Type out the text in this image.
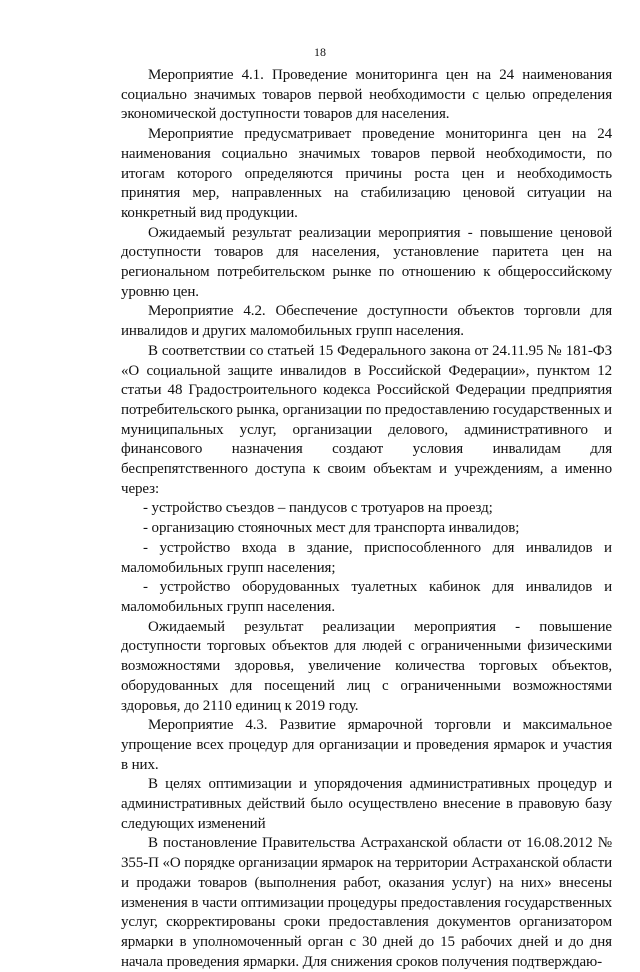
18

Мероприятие 4.1. Проведение мониторинга цен на 24 наименования социально значимых товаров первой необходимости с целью определения экономической доступности товаров для населения.

Мероприятие предусматривает проведение мониторинга цен на 24 наименования социально значимых товаров первой необходимости, по итогам которого определяются причины роста цен и необходимость принятия мер, направленных на стабилизацию ценовой ситуации на конкретный вид продукции.

Ожидаемый результат реализации мероприятия - повышение ценовой доступности товаров для населения, установление паритета цен на региональном потребительском рынке по отношению к общероссийскому уровню цен.

Мероприятие 4.2. Обеспечение доступности объектов торговли для инвалидов и других маломобильных групп населения.

В соответствии со статьей 15 Федерального закона от 24.11.95 № 181-ФЗ «О социальной защите инвалидов в Российской Федерации», пунктом 12 статьи 48 Градостроительного кодекса Российской Федерации предприятия потребительского рынка, организации по предоставлению государственных и муниципальных услуг, организации делового, административного и финансового назначения создают условия инвалидам для беспрепятственного доступа к своим объектам и учреждениям, а именно через:

- устройство съездов – пандусов с тротуаров на проезд;

- организацию стояночных мест для транспорта инвалидов;

- устройство входа в здание, приспособленного для инвалидов и маломобильных групп населения;

- устройство оборудованных туалетных кабинок для инвалидов и маломобильных групп населения.

Ожидаемый результат реализации мероприятия - повышение доступности торговых объектов для людей с ограниченными физическими возможностями здоровья, увеличение количества торговых объектов, оборудованных для посещений лиц с ограниченными возможностями здоровья, до 2110 единиц к 2019 году.

Мероприятие 4.3. Развитие ярмарочной торговли и максимальное упрощение всех процедур для организации и проведения ярмарок и участия в них.

В целях оптимизации и упорядочения административных процедур и административных действий было осуществлено внесение в правовую базу следующих изменений

В постановление Правительства Астраханской области от 16.08.2012 № 355-П «О порядке организации ярмарок на территории Астраханской области и продажи товаров (выполнения работ, оказания услуг) на них» внесены изменения в части оптимизации процедуры предоставления государственных услуг, скорректированы сроки предоставления документов организатором ярмарки в уполномоченный орган с 30 дней до 15 рабочих дней и до дня начала проведения ярмарки. Для снижения сроков получения подтверждаю-
